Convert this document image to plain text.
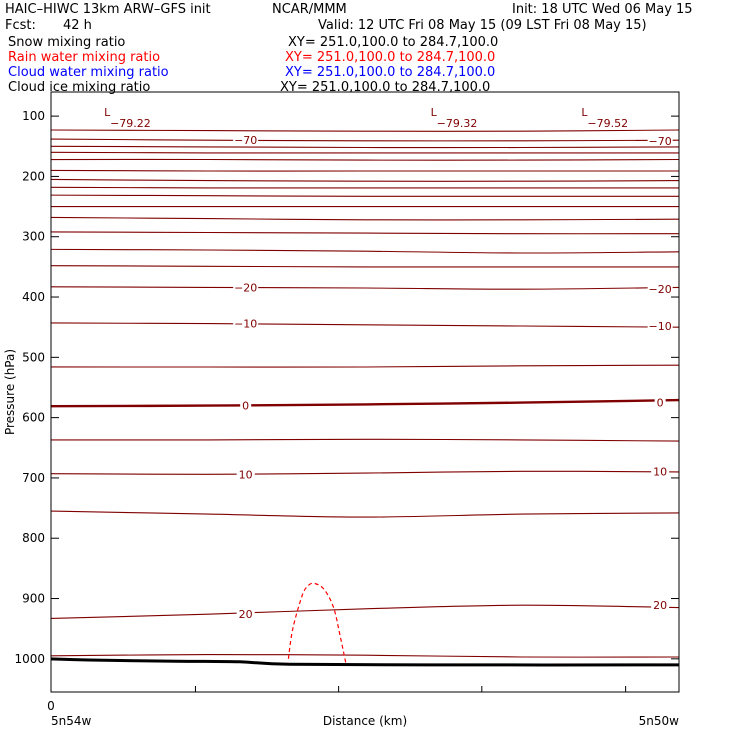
−70	−70
−20	−20
−10	−10
0	0
10	10
20
20
L
−79.22
L
−79.32
L
−79.52
100
200
300
400
500
600
700
800
900
1000
0
Distance (km)
5n54w	5n50w
Pressure (hPa)
HAIC–HIWC 13km ARW–GFS init	NCAR/MMM	Init: 18 UTC Wed 06 May 15
Fcst: 42 h	Valid: 12 UTC Fri 08 May 15 (09 LST Fri 08 May 15)
Snow mixing ratio	XY= 251.0,100.0 to 284.7,100.0
Rain water mixing ratio	XY= 251.0,100.0 to 284.7,100.0
Cloud water mixing ratio	XY= 251.0,100.0 to 284.7,100.0
Cloud ice mixing ratio	XY= 251.0,100.0 to 284.7,100.0
